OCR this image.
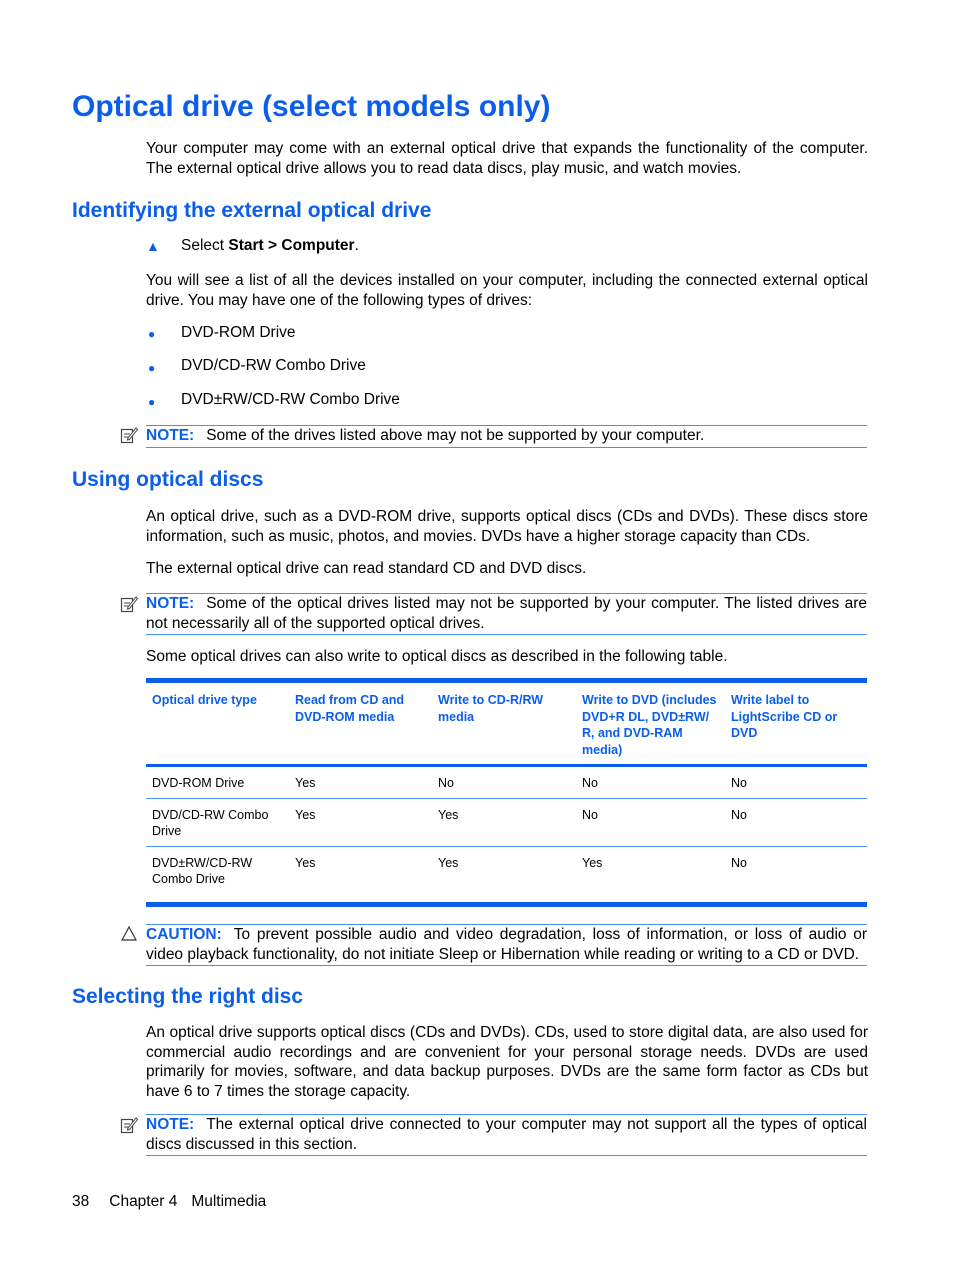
Optical drive (select models only)
Your computer may come with an external optical drive that expands the functionality of the computer. The external optical drive allows you to read data discs, play music, and watch movies.
Identifying the external optical drive
▲ Select Start > Computer.
You will see a list of all the devices installed on your computer, including the connected external optical drive. You may have one of the following types of drives:
● DVD-ROM Drive
● DVD/CD-RW Combo Drive
● DVD±RW/CD-RW Combo Drive
NOTE: Some of the drives listed above may not be supported by your computer.
Using optical discs
An optical drive, such as a DVD-ROM drive, supports optical discs (CDs and DVDs). These discs store information, such as music, photos, and movies. DVDs have a higher storage capacity than CDs.
The external optical drive can read standard CD and DVD discs.
NOTE: Some of the optical drives listed may not be supported by your computer. The listed drives are not necessarily all of the supported optical drives.
Some optical drives can also write to optical discs as described in the following table.
Optical drive type	Read from CD and DVD-ROM media	Write to CD-R/RW media	Write to DVD (includes DVD+R DL, DVD±RW/ R, and DVD-RAM media)	Write label to LightScribe CD or DVD
DVD-ROM Drive	Yes	No	No	No
DVD/CD-RW Combo Drive	Yes	Yes	No	No
DVD±RW/CD-RW Combo Drive	Yes	Yes	Yes	No
CAUTION: To prevent possible audio and video degradation, loss of information, or loss of audio or video playback functionality, do not initiate Sleep or Hibernation while reading or writing to a CD or DVD.
Selecting the right disc
An optical drive supports optical discs (CDs and DVDs). CDs, used to store digital data, are also used for commercial audio recordings and are convenient for your personal storage needs. DVDs are used primarily for movies, software, and data backup purposes. DVDs are the same form factor as CDs but have 6 to 7 times the storage capacity.
NOTE: The external optical drive connected to your computer may not support all the types of optical discs discussed in this section.
38 Chapter 4 Multimedia
